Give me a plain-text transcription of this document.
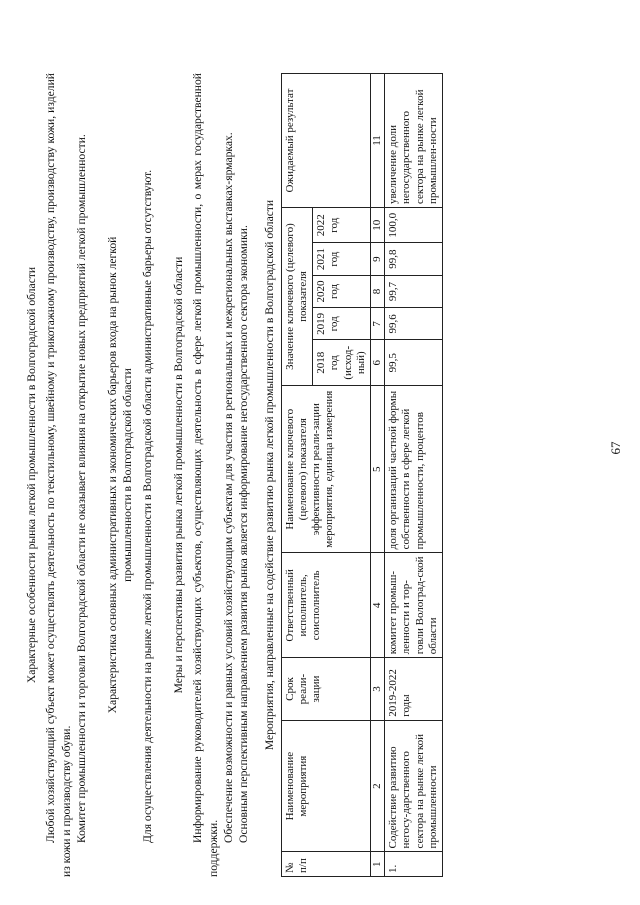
67
Характерные особенности рынка легкой промышленности в Волгоградской области Любой хозяйствующий субъект может осуществлять деятельность по текстильному, швейному и трикотажному производству, производству кожи, изделий из кожи и производству обуви. Комитет промышленности и торговли Волгоградской области не оказывает влияния на открытие новых предприятий легкой промышленности. Характеристика основных административных и экономических барьеров входа на рынок легкой промышленности в Волгоградской области Для осуществления деятельности на рынке легкой промышленности в Волгоградской области административные барьеры отсутствуют. Меры и перспективы развития рынка легкой промышленности в Волгоградской области Информирование руководителей хозяйствующих субъектов, осуществляющих деятельность в сфере легкой промышленности, о мерах государственной поддержки.

Обеспечение возможности и равных условий хозяйствующим субъектам для участия в региональных и межрегиональных выставках-ярмарках. Основным перспективным направлением развития рынка является информирование негосударственного сектора экономики. Мероприятия, направленные на содействие развитию рынка легкой промышленности в Волгоградской области
№ п/п	Наименование мероприятия	Срок реали-зации	Ответственный исполнитель, соисполнитель	Наименование ключевого (целевого) показателя эффективности реали-зации мероприятия, единица измерения	Значение ключевого (целевого) показателя					Ожидаемый результат
					2018 год (исход-ный)	2019 год	2020 год	2021 год	2022 год	
1	2	3	4	5	6	7	8	9	10	11
1.	Содействие развитию негосу-дарственного сектора на рынке легкой промышленности	2019-2022 годы	комитет промыш-ленности и тор-говли Волоград-ской области	доля организаций частной формы собственности в сфере легкой промышленности, процентов	99,5	99,6	99,7	99,8	100,0	увеличение доли негосударственного сектора на рынке легкой промышлен-ности
